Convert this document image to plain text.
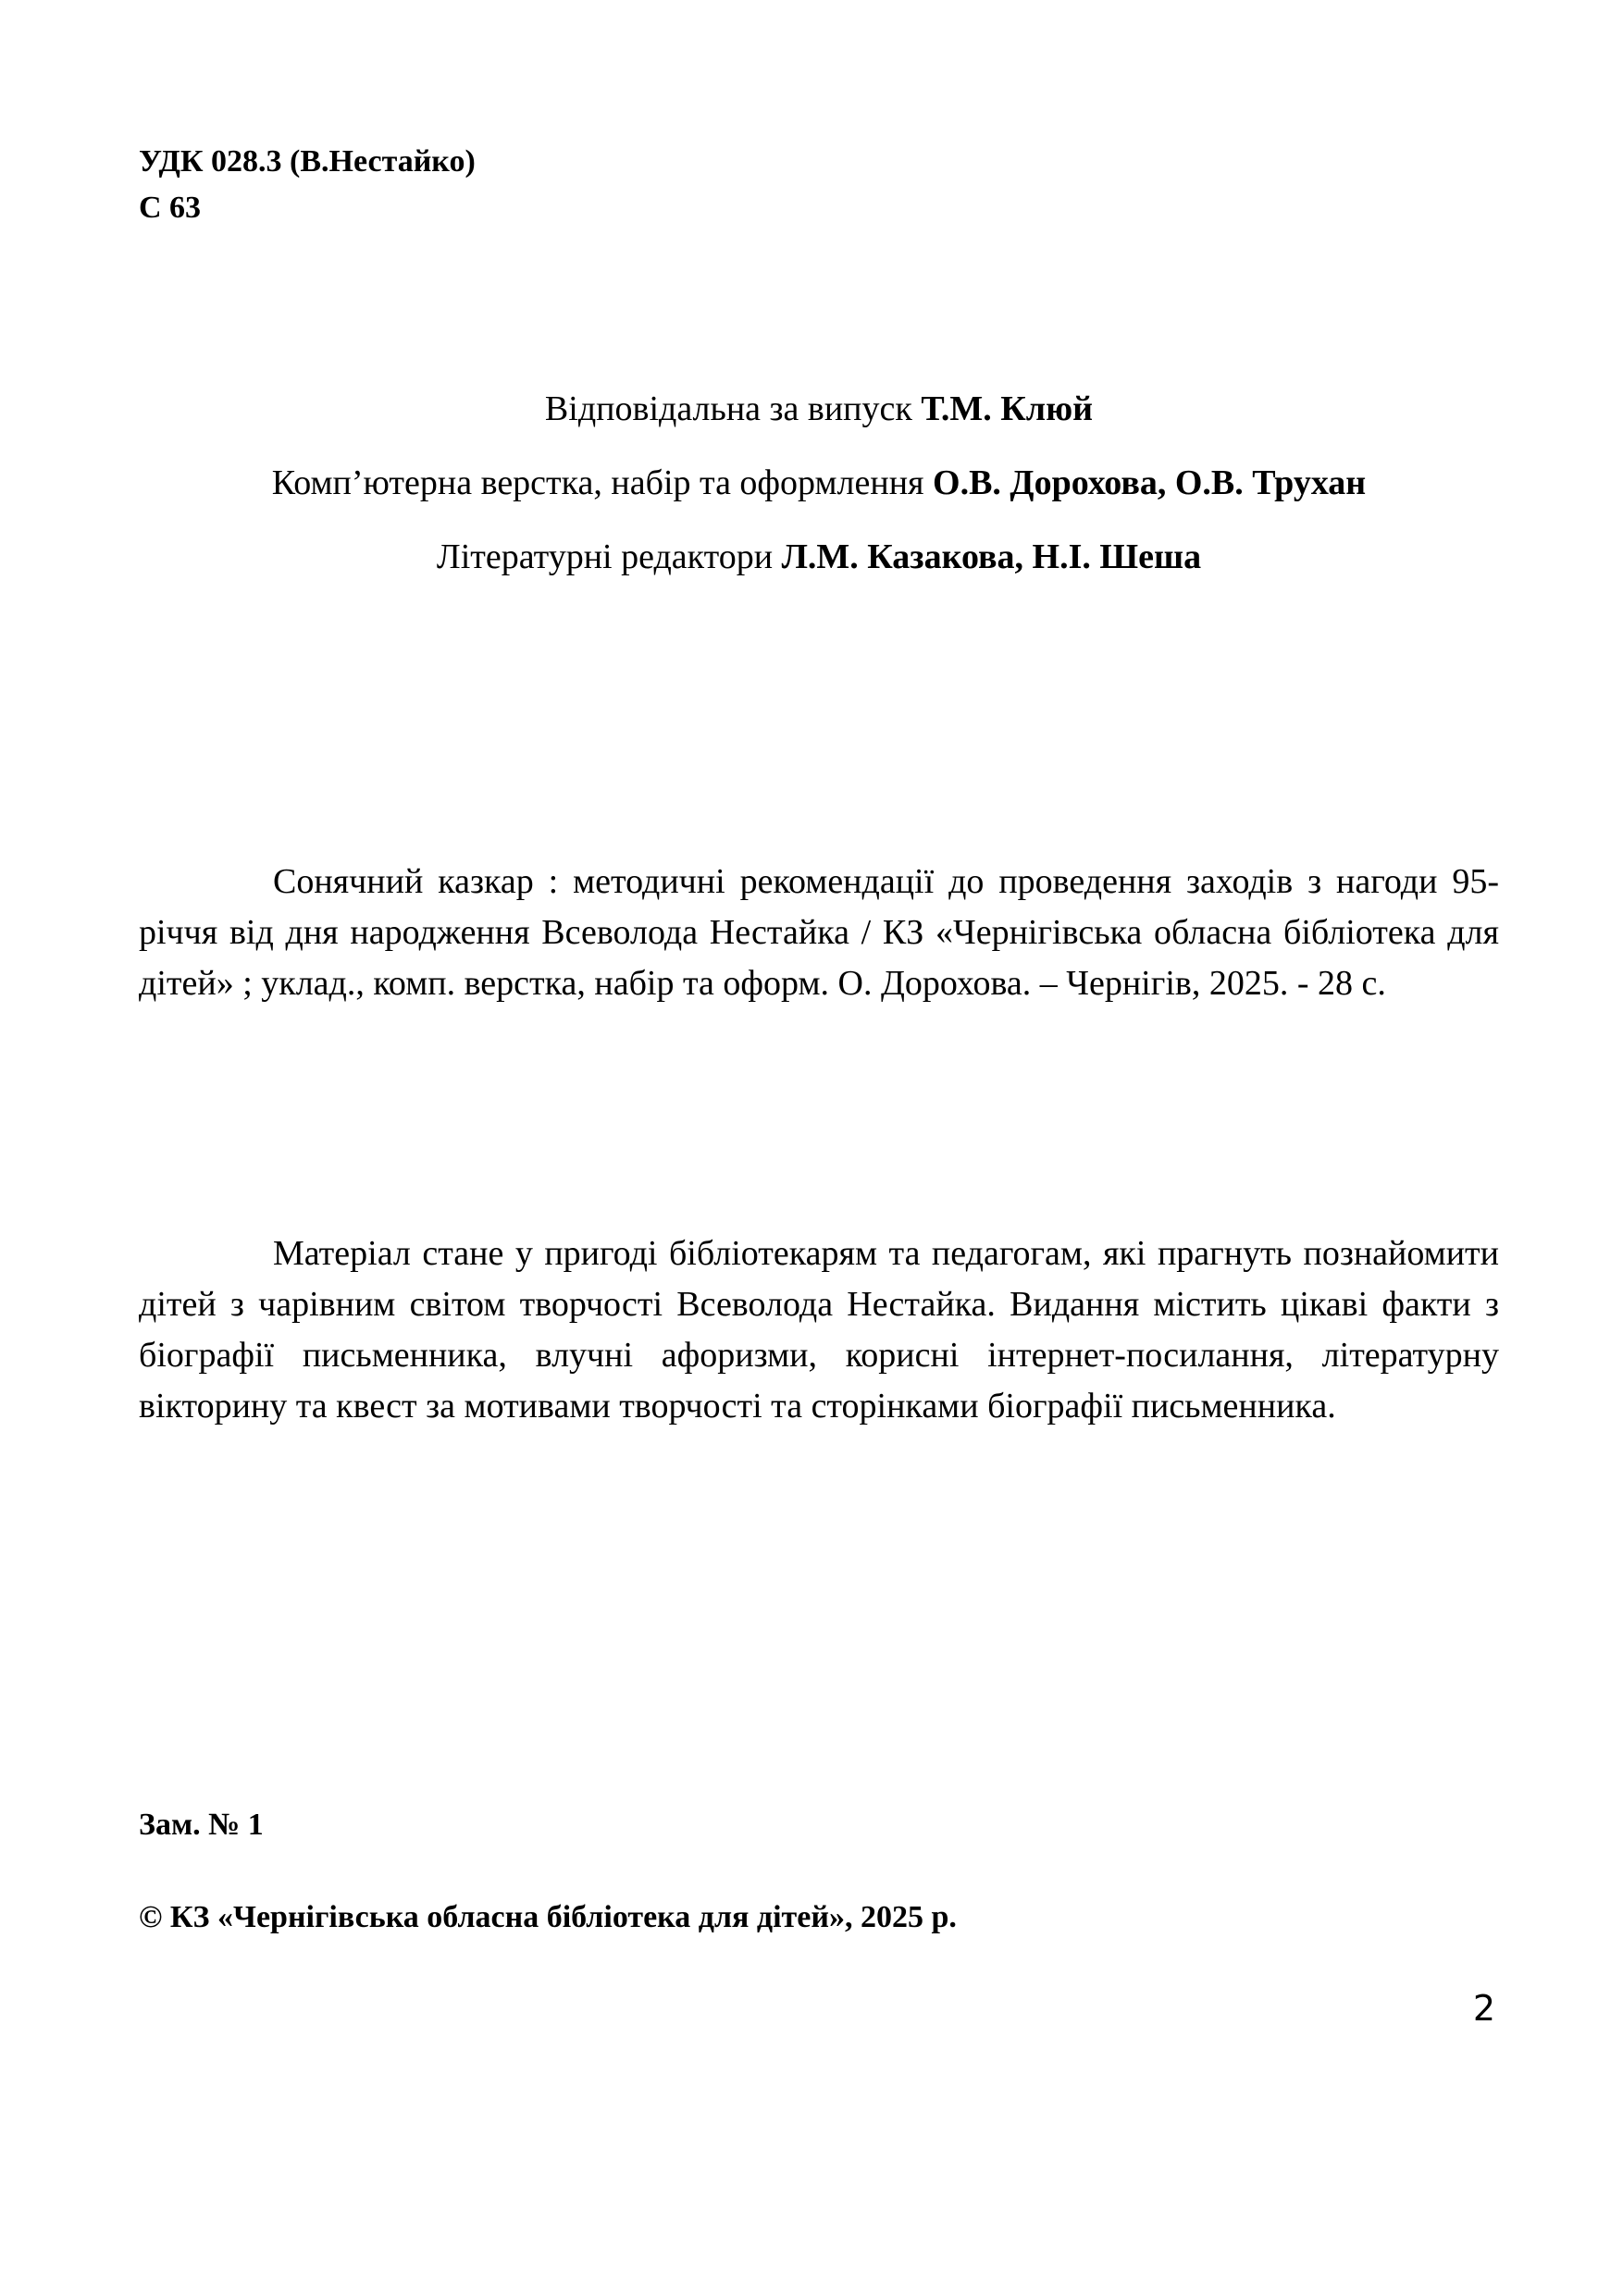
УДК 028.3 (В.Нестайко)
С 63
Відповідальна за випуск Т.М. Клюй
Комп’ютерна верстка, набір та оформлення О.В. Дорохова, О.В. Трухан
Літературні редактори Л.М. Казакова, Н.І. Шеша

Сонячний казкар : методичні рекомендації до проведення заходів з нагоди 95-річчя від дня народження Всеволода Нестайка / КЗ «Чернігівська обласна бібліотека для дітей» ; уклад., комп. верстка, набір та оформ. О. Дорохова. – Чернігів, 2025. - 28 с.

Матеріал стане у пригоді бібліотекарям та педагогам, які прагнуть познайомити дітей з чарівним світом творчості Всеволода Нестайка. Видання містить цікаві факти з біографії письменника, влучні афоризми, корисні інтернет-посилання, літературну вікторину та квест за мотивами творчості та сторінками біографії письменника.

Зам. № 1
© КЗ «Чернігівська обласна бібліотека для дітей», 2025 р.
2
